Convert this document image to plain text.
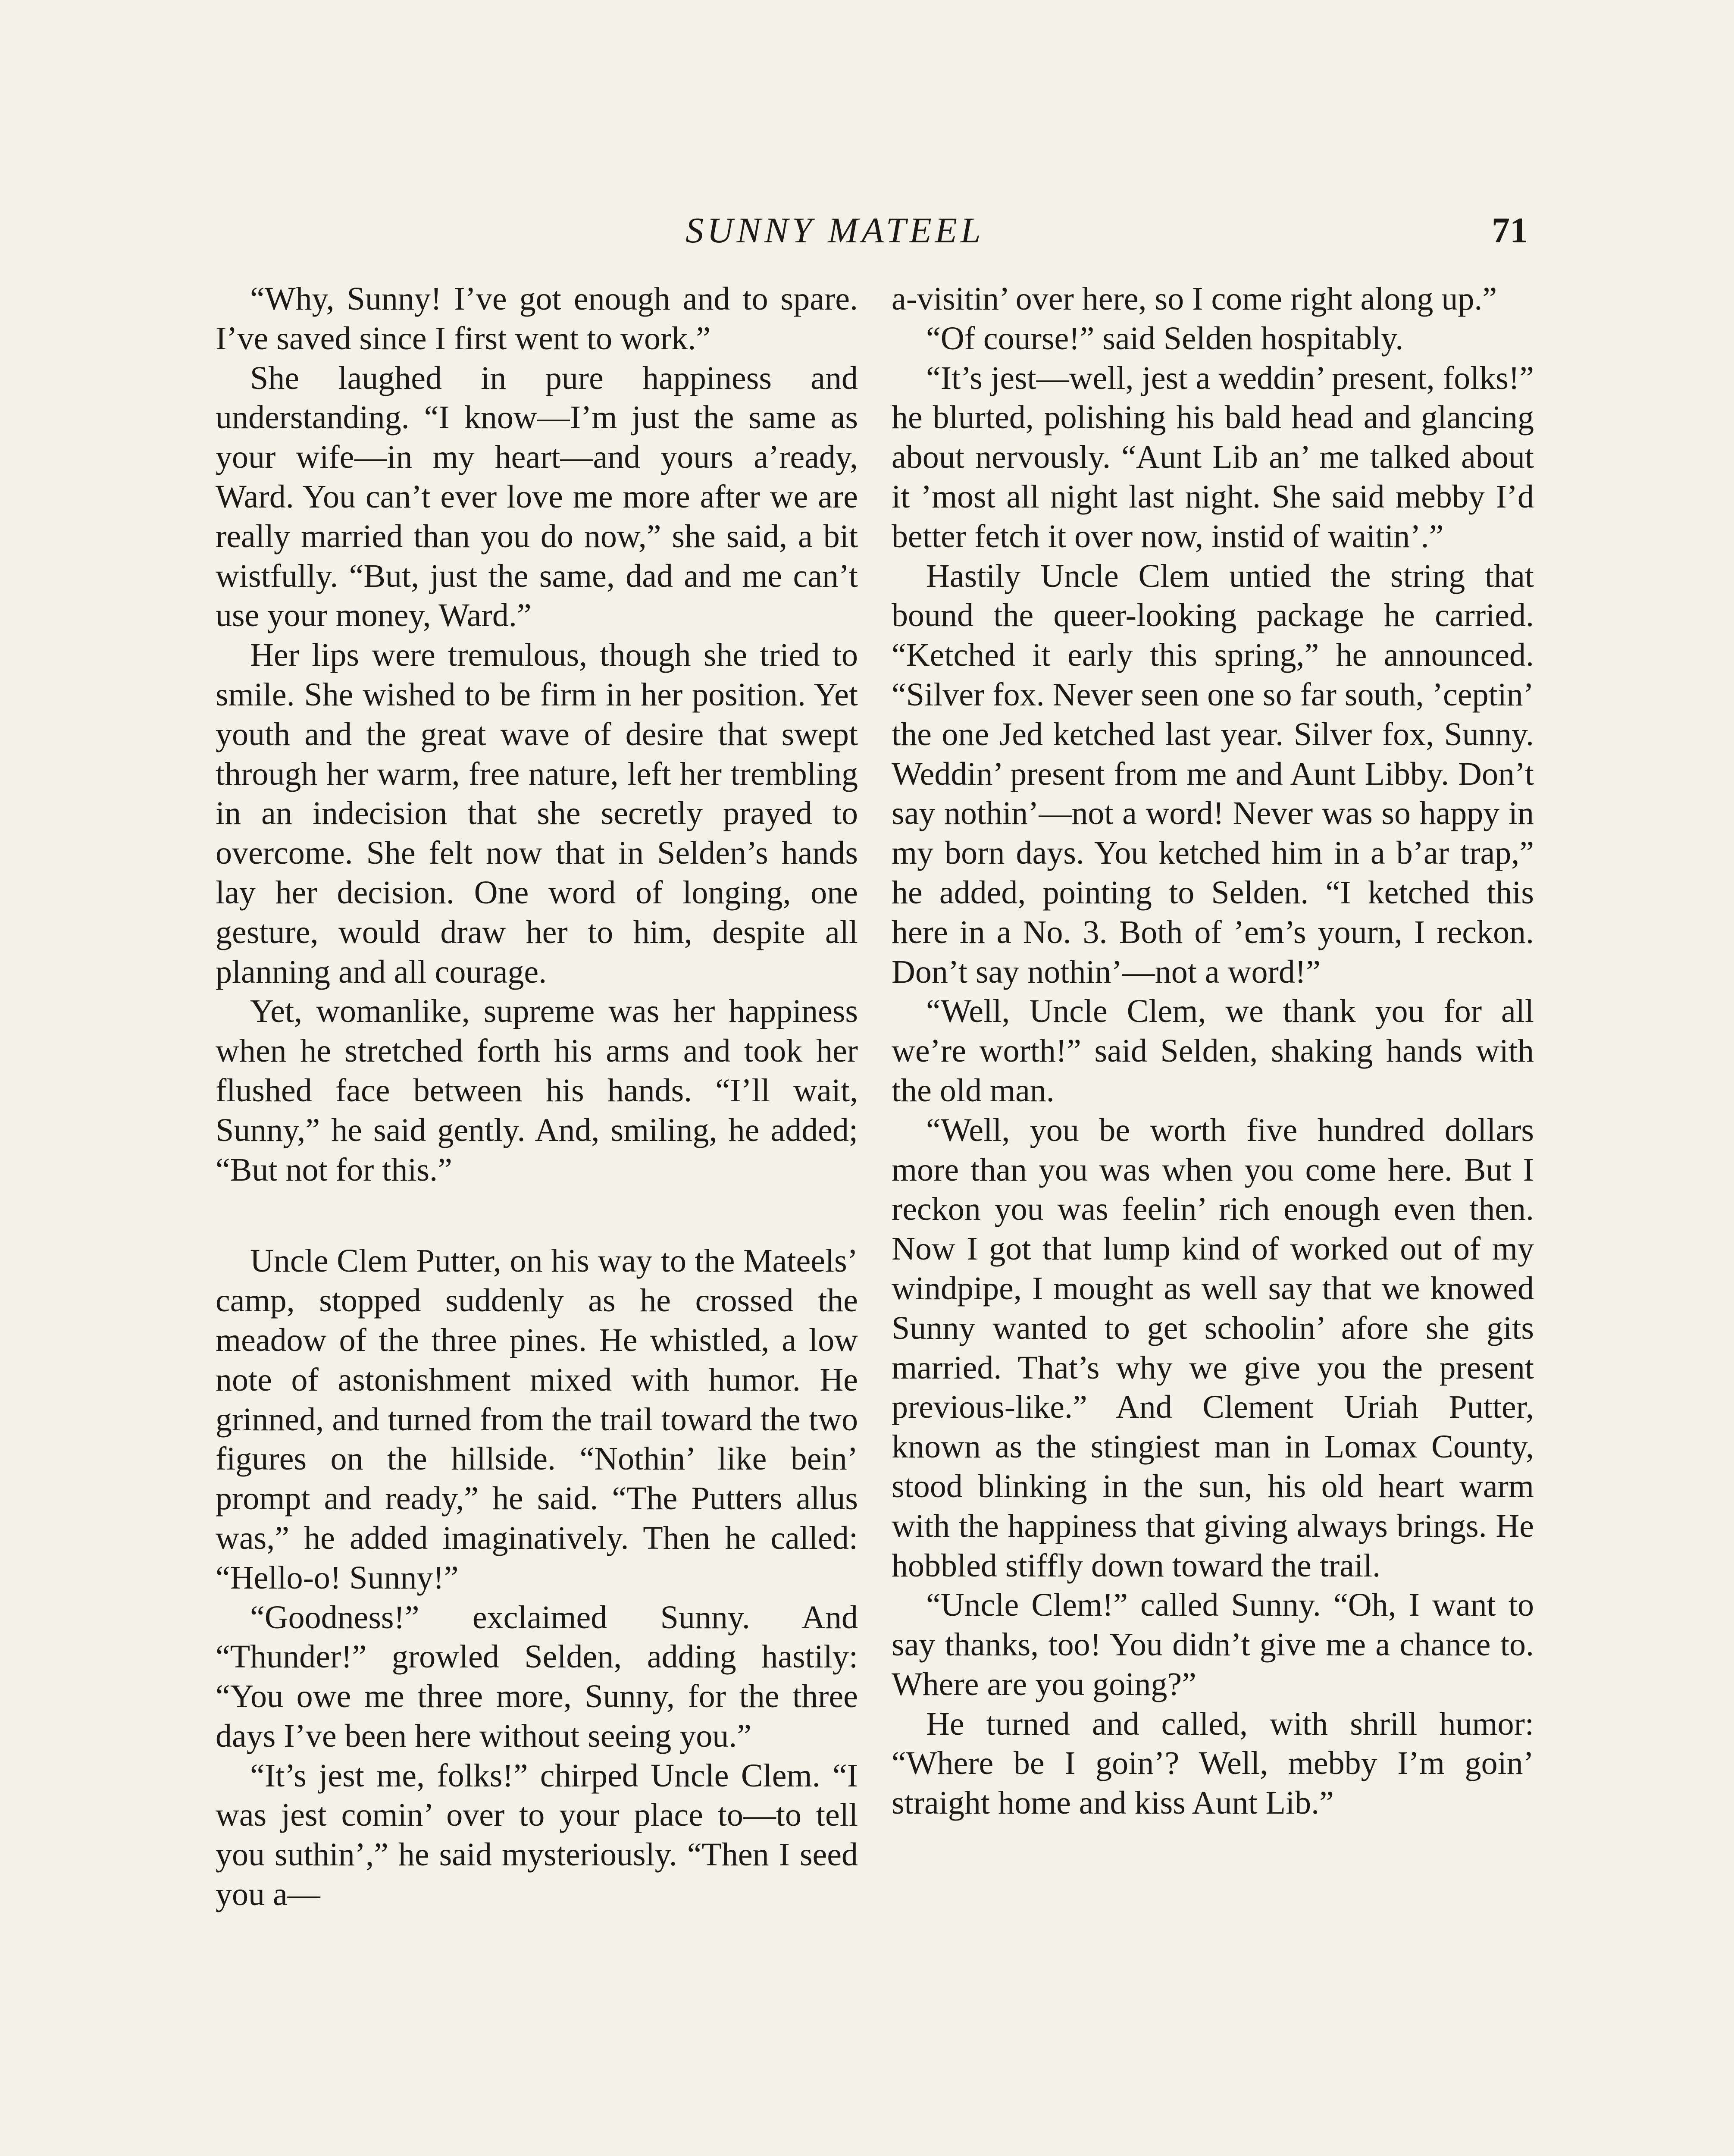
SUNNY MATEEL	71

“Why, Sunny! I’ve got enough and to spare. I’ve saved since I first went to work.”

She laughed in pure happiness and understanding. “I know—I’m just the same as your wife—in my heart—and yours a’ready, Ward. You can’t ever love me more after we are really married than you do now,” she said, a bit wistfully. “But, just the same, dad and me can’t use your money, Ward.”

Her lips were tremulous, though she tried to smile. She wished to be firm in her position. Yet youth and the great wave of desire that swept through her warm, free nature, left her trembling in an indecision that she secretly prayed to overcome. She felt now that in Selden’s hands lay her decision. One word of longing, one gesture, would draw her to him, despite all planning and all courage.

Yet, womanlike, supreme was her happiness when he stretched forth his arms and took her flushed face between his hands. “I’ll wait, Sunny,” he said gently. And, smiling, he added; “But not for this.”

Uncle Clem Putter, on his way to the Mateels’ camp, stopped suddenly as he crossed the meadow of the three pines. He whistled, a low note of astonishment mixed with humor. He grinned, and turned from the trail toward the two figures on the hillside. “Nothin’ like bein’ prompt and ready,” he said. “The Putters allus was,” he added imaginatively. Then he called: “Hello-o! Sunny!”

“Goodness!” exclaimed Sunny. And “Thunder!” growled Selden, adding hastily: “You owe me three more, Sunny, for the three days I’ve been here without seeing you.”

“It’s jest me, folks!” chirped Uncle Clem. “I was jest comin’ over to your place to—to tell you suthin’,” he said mysteriously. “Then I seed you a—

a-visitin’ over here, so I come right along up.”

“Of course!” said Selden hospitably.

“It’s jest—well, jest a weddin’ present, folks!” he blurted, polishing his bald head and glancing about nervously. “Aunt Lib an’ me talked about it ’most all night last night. She said mebby I’d better fetch it over now, instid of waitin’.”

Hastily Uncle Clem untied the string that bound the queer-looking package he carried. “Ketched it early this spring,” he announced. “Silver fox. Never seen one so far south, ’ceptin’ the one Jed ketched last year. Silver fox, Sunny. Weddin’ present from me and Aunt Libby. Don’t say nothin’—not a word! Never was so happy in my born days. You ketched him in a b’ar trap,” he added, pointing to Selden. “I ketched this here in a No. 3. Both of ’em’s yourn, I reckon. Don’t say nothin’—not a word!”

“Well, Uncle Clem, we thank you for all we’re worth!” said Selden, shaking hands with the old man.

“Well, you be worth five hundred dollars more than you was when you come here. But I reckon you was feelin’ rich enough even then. Now I got that lump kind of worked out of my windpipe, I mought as well say that we knowed Sunny wanted to get schoolin’ afore she gits married. That’s why we give you the present previous-like.” And Clement Uriah Putter, known as the stingiest man in Lomax County, stood blinking in the sun, his old heart warm with the happiness that giving always brings. He hobbled stiffly down toward the trail.

“Uncle Clem!” called Sunny. “Oh, I want to say thanks, too! You didn’t give me a chance to. Where are you going?”

He turned and called, with shrill humor: “Where be I goin’? Well, mebby I’m goin’ straight home and kiss Aunt Lib.”
